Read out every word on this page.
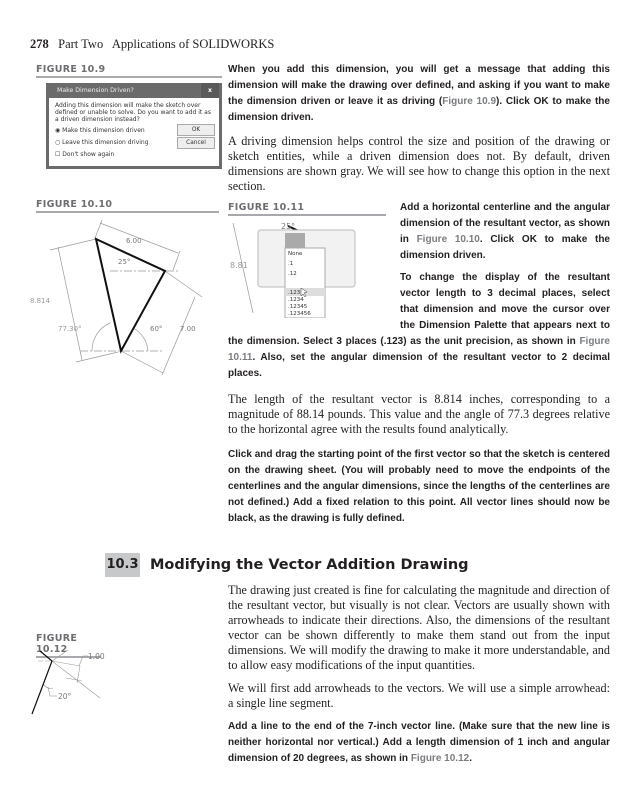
278 Part Two Applications of SOLIDWORKS
FIGURE 10.9
Make Dimension Driven?	x
Adding this dimension will make the sketch over defined or unable to solve. Do you want to add it as a driven dimension instead?
◉ Make this dimension driven
○ Leave this dimension driving
☐ Don't show again
OK
Cancel
FIGURE 10.10
6.00
25°
8.814
77.30°	60°	7.00
FIGURE 10.12
1.00
20°
When you add this dimension, you will get a message that adding this dimension will make the drawing over defined, and asking if you want to make the dimension driven or leave it as driving (Figure 10.9). Click OK to make the dimension driven.
A driving dimension helps control the size and position of the drawing or sketch entities, while a driven dimension does not. By default, driven dimensions are shown gray. We will see how to change this option in the next section.
FIGURE 10.11
25°
8.81
None
.1
.12
.123
.1234
.12345
.123456
Add a horizontal centerline and the angular dimension of the resultant vector, as shown in Figure 10.10. Click OK to make the dimension driven.
To change the display of the resultant vector length to 3 decimal places, select that dimension and move the cursor over the Dimension Palette that appears next to the dimension. Select 3 places (.123) as the unit precision, as shown in Figure 10.11. Also, set the angular dimension of the resultant vector to 2 decimal places.
The length of the resultant vector is 8.814 inches, corresponding to a magnitude of 88.14 pounds. This value and the angle of 77.3 degrees relative to the horizontal agree with the results found analytically.
Click and drag the starting point of the first vector so that the sketch is centered on the drawing sheet. (You will probably need to move the endpoints of the centerlines and the angular dimensions, since the lengths of the centerlines are not defined.) Add a fixed relation to this point. All vector lines should now be black, as the drawing is fully defined.
10.3 Modifying the Vector Addition Drawing
The drawing just created is fine for calculating the magnitude and direction of the resultant vector, but visually is not clear. Vectors are usually shown with arrowheads to indicate their directions. Also, the dimensions of the resultant vector can be shown differently to make them stand out from the input dimensions. We will modify the drawing to make it more understandable, and to allow easy modifications of the input quantities.
We will first add arrowheads to the vectors. We will use a simple arrowhead: a single line segment.
Add a line to the end of the 7-inch vector line. (Make sure that the new line is neither horizontal nor vertical.) Add a length dimension of 1 inch and angular dimension of 20 degrees, as shown in Figure 10.12.
